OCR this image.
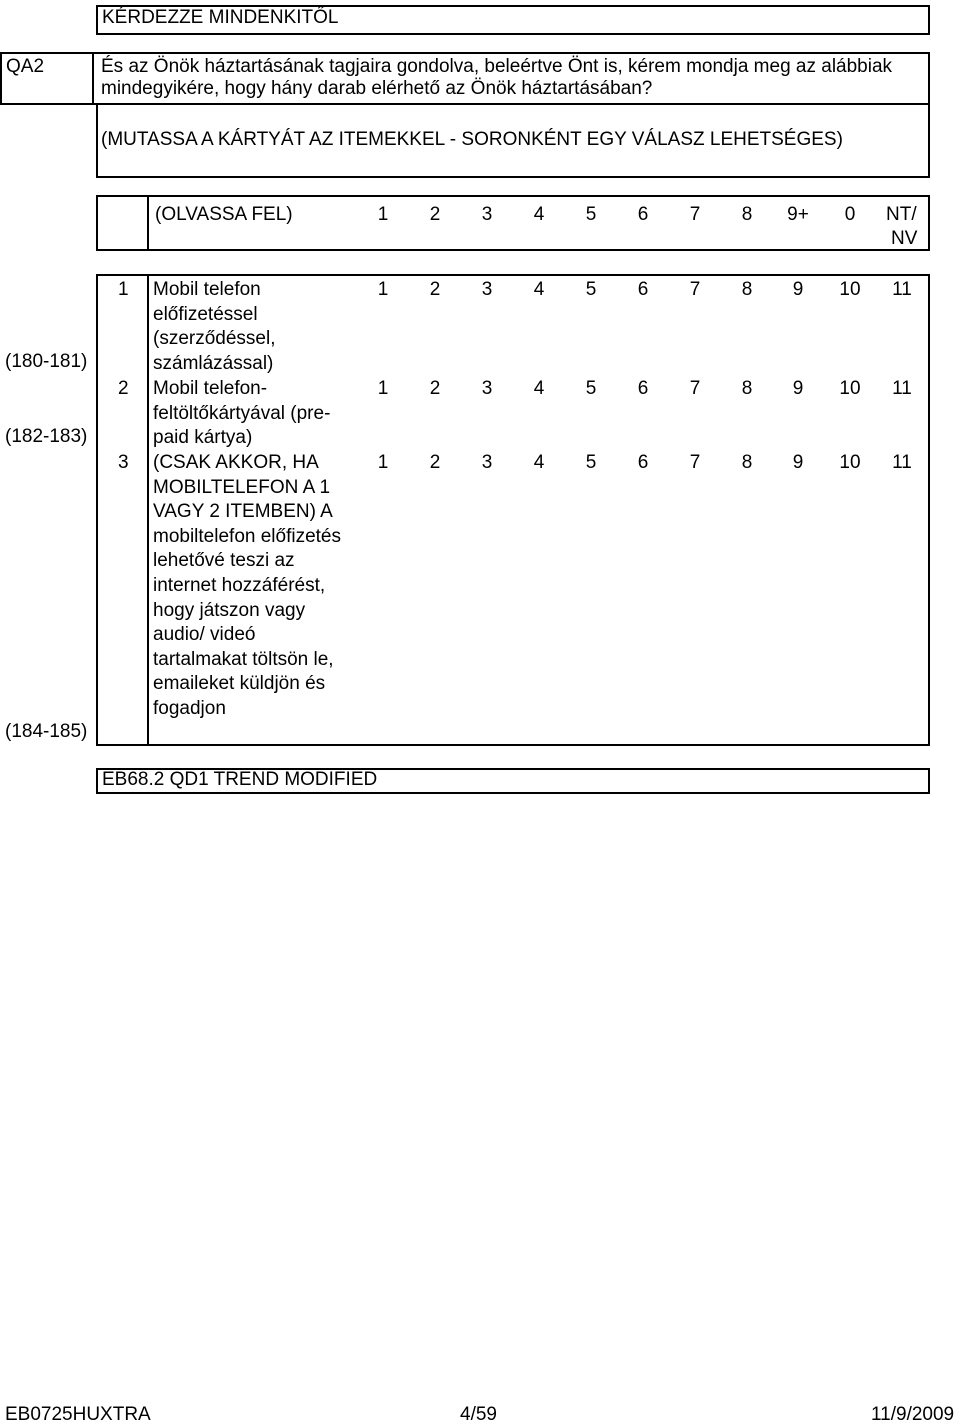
KÉRDEZZE MINDENKITŐL
QA2	És az Önök háztartásának tagjaira gondolva, beleértve Önt is, kérem mondja meg az alábbiak
mindegyikére, hogy hány darab elérhető az Önök háztartásában?
(MUTASSA A KÁRTYÁT AZ ITEMEKKEL - SORONKÉNT EGY VÁLASZ LEHETSÉGES)
(OLVASSA FEL)	1	2	3	4	5	6	7	8	9+	0	NT/
NV
(180-181)
(182-183)
(184-185)
1 Mobil telefon
előfizetéssel
(szerződéssel,
számlázással)
1	2	3	4	5	6	7	8	9	10 11
2 Mobil telefon-
feltöltőkártyával (pre-
paid kártya)
1	2	3	4	5	6	7	8	9	10 11
3 (CSAK AKKOR, HA
MOBILTELEFON A 1
VAGY 2 ITEMBEN) A
mobiltelefon előfizetés
lehetővé teszi az
internet hozzáférést,
hogy játszon vagy
audio/ videó
tartalmakat töltsön le,
emaileket küldjön és
fogadjon
1	2	3	4	5	6	7	8	9	10 11
EB68.2 QD1 TREND MODIFIED
EB0725HUXTRA	4/59	11/9/2009
